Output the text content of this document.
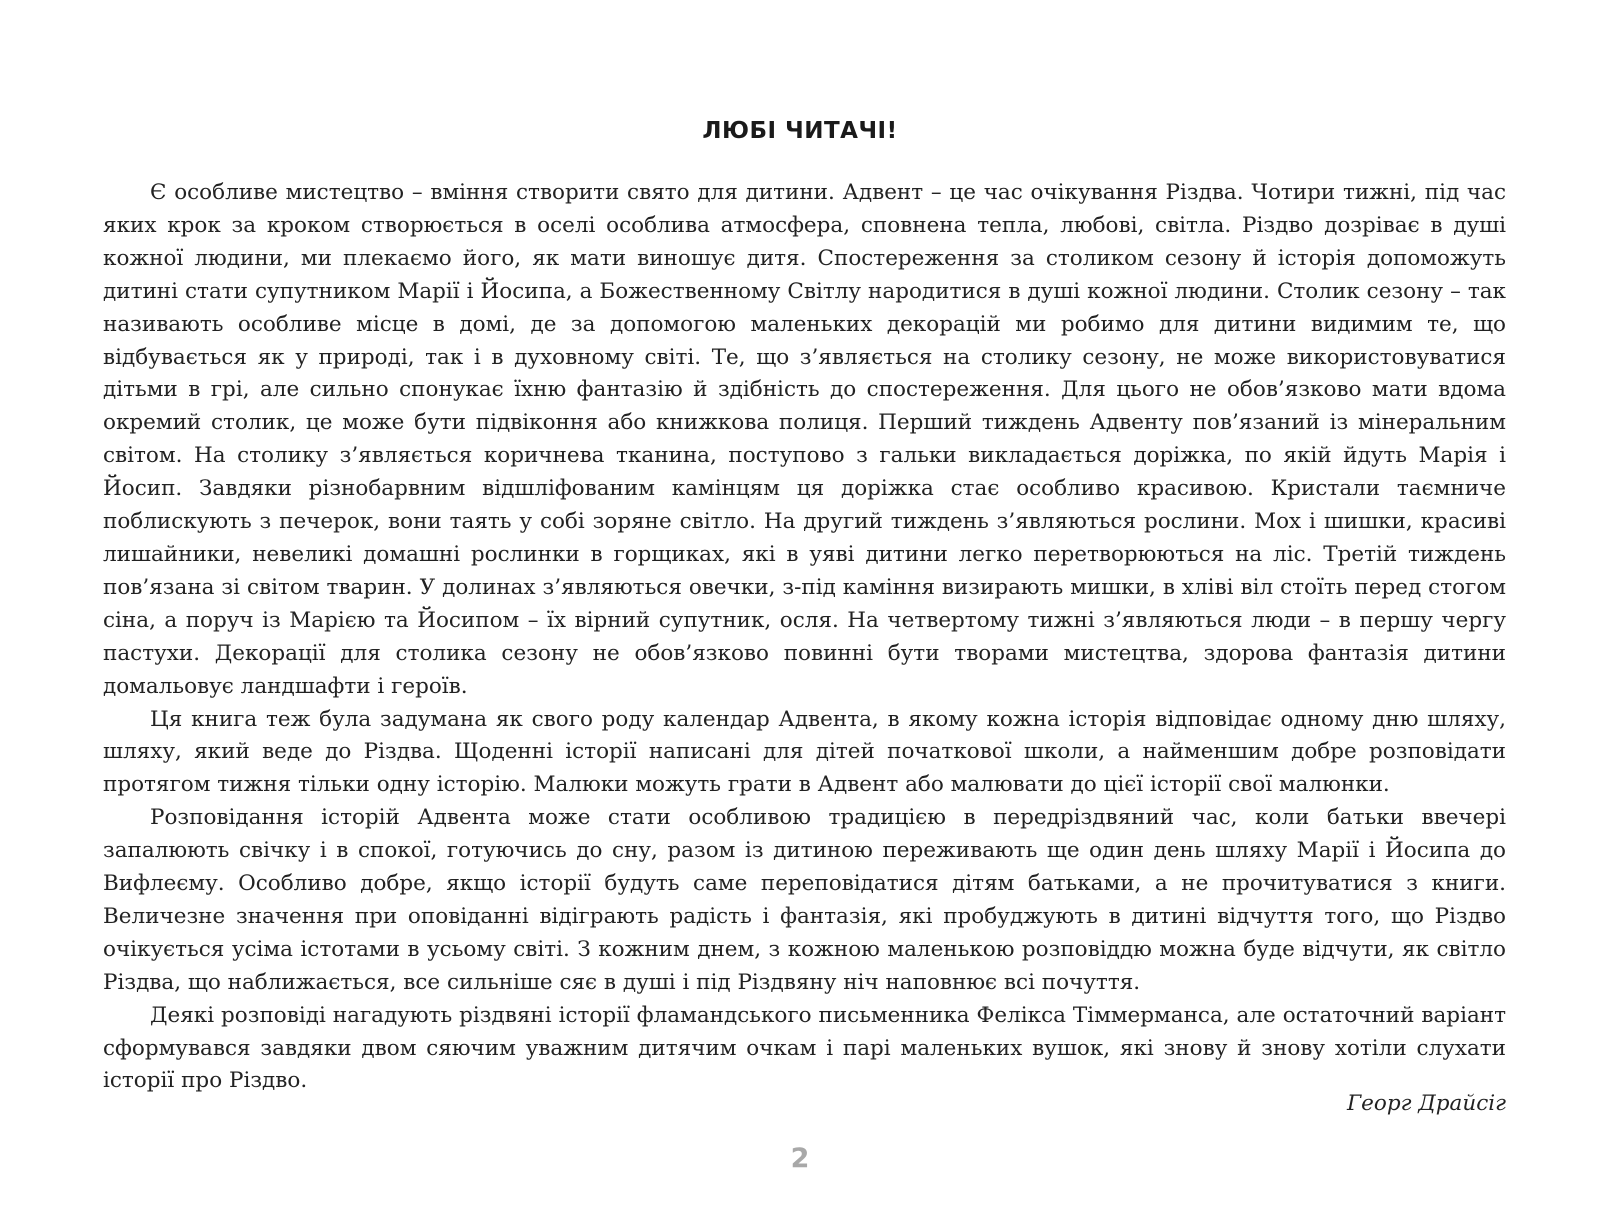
ЛЮБІ ЧИТАЧІ!

Є особливе мистецтво – вміння створити свято для дитини. Адвент – це час очікування Різдва. Чотири тижні, під час яких крок за кроком створюється в оселі особлива атмосфера, сповнена тепла, любові, світла. Різдво дозріває в душі кожної людини, ми плекаємо його, як мати виношує дитя. Спостереження за столиком сезону й історія допоможуть дитині стати супутником Марії і Йосипа, а Божественному Світлу народитися в душі кожної людини. Столик сезону – так називають особливе місце в домі, де за допомогою маленьких декорацій ми робимо для дитини видимим те, що відбувається як у природі, так і в духовному світі. Те, що з’являється на столику сезону, не може використовуватися дітьми в грі, але сильно спонукає їхню фантазію й здібність до спостереження. Для цього не обов’язково мати вдома окремий столик, це може бути підвіконня або книжкова полиця. Перший тиждень Адвенту пов’язаний із мінеральним світом. На столику з’являється коричнева тканина, поступово з гальки викладається доріжка, по якій йдуть Марія і Йосип. Завдяки різнобарвним відшліфованим камінцям ця доріжка стає особливо красивою. Кристали таємниче поблискують з печерок, вони таять у собі зоряне світло. На другий тиждень з’являються рослини. Мох і шишки, красиві лишайники, невеликі домашні рослинки в горщиках, які в уяві дитини легко перетворюються на ліс. Третій тиждень пов’язана зі світом тварин. У долинах з’являються овечки, з-під каміння визирають мишки, в хліві віл стоїть перед стогом сіна, а поруч із Марією та Йосипом – їх вірний супутник, осля. На четвертому тижні з’являються люди – в першу чергу пастухи. Декорації для столика сезону не обов’язково повинні бути творами мистецтва, здорова фантазія дитини домальовує ландшафти і героїв.

Ця книга теж була задумана як свого роду календар Адвента, в якому кожна історія відповідає одному дню шляху, шляху, який веде до Різдва. Щоденні історії написані для дітей початкової школи, а найменшим добре розповідати протягом тижня тільки одну історію. Малюки можуть грати в Адвент або малювати до цієї історії свої малюнки.

Розповідання історій Адвента може стати особливою традицією в передріздвяний час, коли батьки ввечері запалюють свічку і в спокої, готуючись до сну, разом із дитиною переживають ще один день шляху Марії і Йосипа до Вифлеєму. Особливо добре, якщо історії будуть саме переповідатися дітям батьками, а не прочитуватися з книги. Величезне значення при оповіданні відіграють радість і фантазія, які пробуджують в дитині відчуття того, що Різдво очікується усіма істотами в усьому світі. З кожним днем, з кожною маленькою розповіддю можна буде відчути, як світло Різдва, що наближається, все сильніше сяє в душі і під Різдвяну ніч наповнює всі почуття.

Деякі розповіді нагадують різдвяні історії фламандського письменника Фелікса Тіммерманса, але остаточний варіант сформувався завдяки двом сяючим уважним дитячим очкам і парі маленьких вушок, які знову й знову хотіли слухати історії про Різдво.

Георг Драйсіг
2
